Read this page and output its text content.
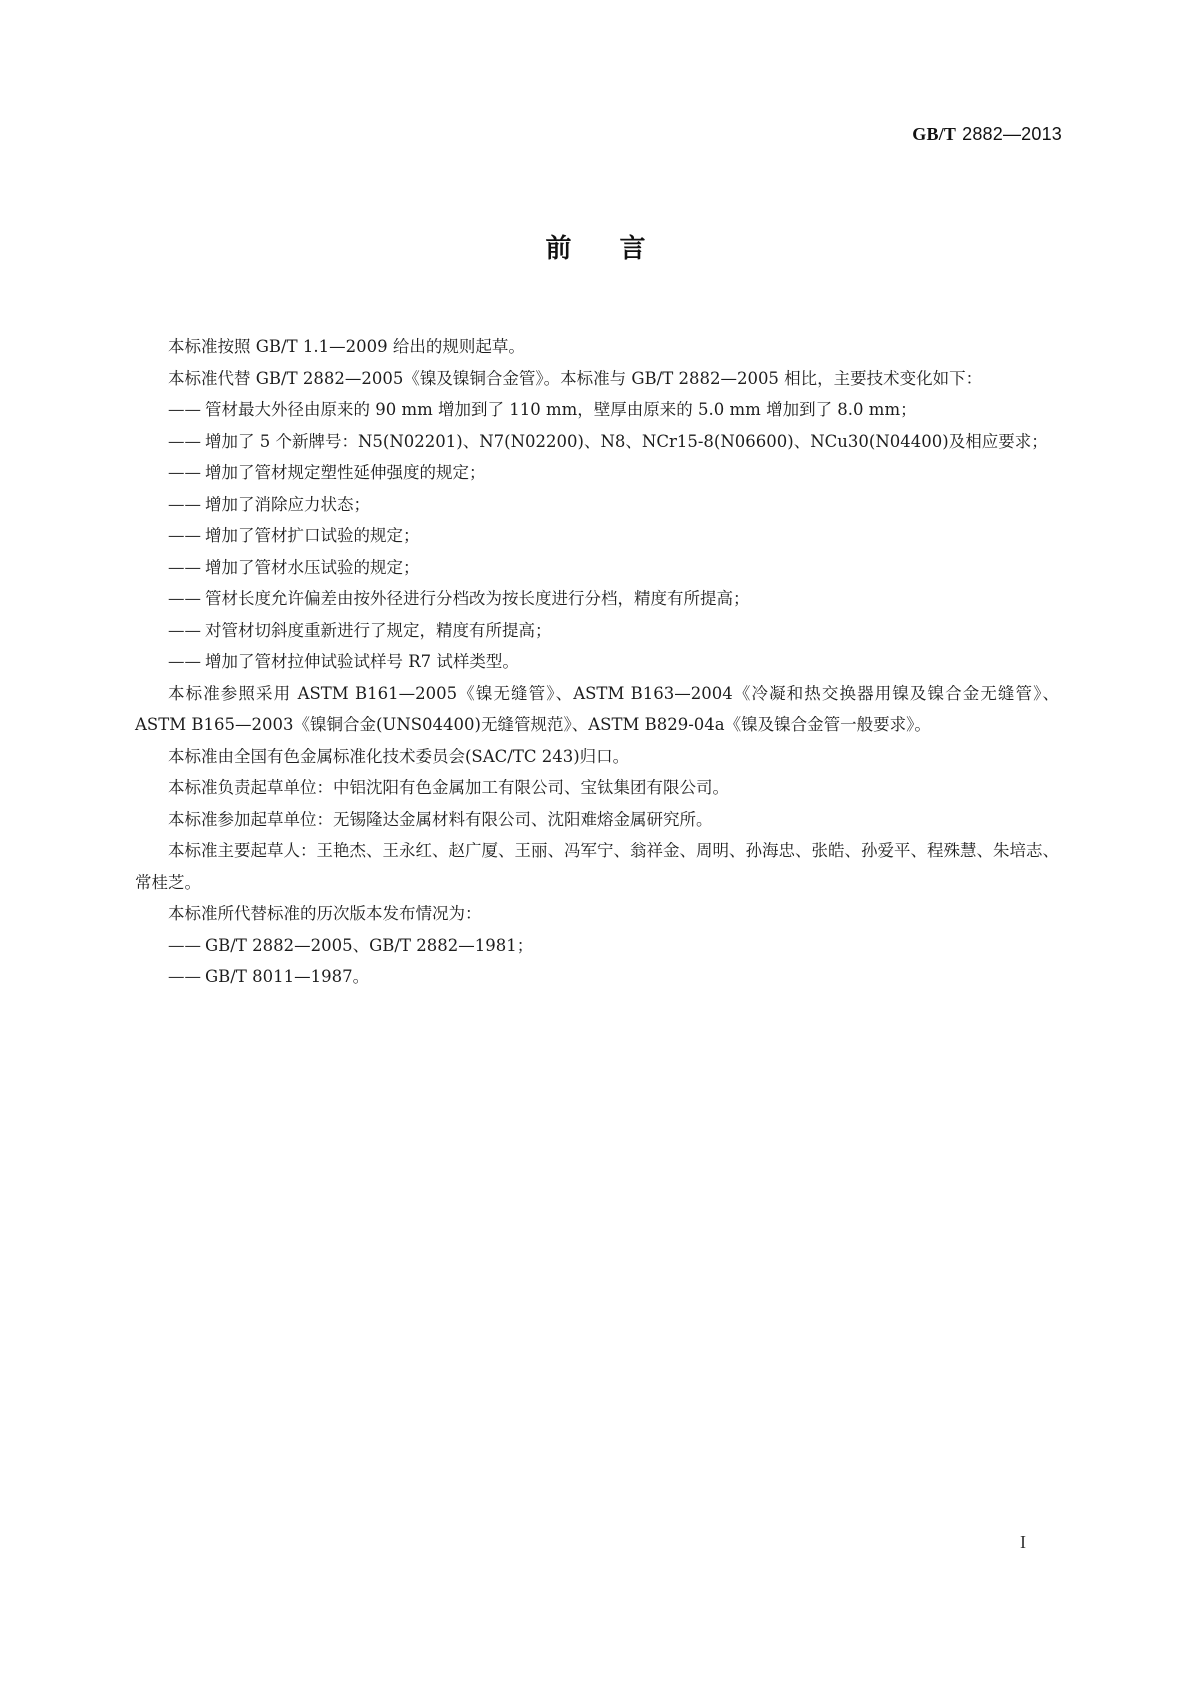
GB/T 2882—2013
前言

本标准按照 GB/T 1.1—2009 给出的规则起草。

本标准代替 GB/T 2882—2005《镍及镍铜合金管》。本标准与 GB/T 2882—2005 相比，主要技术变化如下：

—— 管材最大外径由原来的 90 mm 增加到了 110 mm，壁厚由原来的 5.0 mm 增加到了 8.0 mm；

—— 增加了 5 个新牌号：N5(N02201)、N7(N02200)、N8、NCr15-8(N06600)、NCu30(N04400)及相应要求；

—— 增加了管材规定塑性延伸强度的规定；

—— 增加了消除应力状态；

—— 增加了管材扩口试验的规定；

—— 增加了管材水压试验的规定；

—— 管材长度允许偏差由按外径进行分档改为按长度进行分档，精度有所提高；

—— 对管材切斜度重新进行了规定，精度有所提高；

—— 增加了管材拉伸试验试样号 R7 试样类型。

本标准参照采用 ASTM B161—2005《镍无缝管》、ASTM B163—2004《冷凝和热交换器用镍及镍合金无缝管》、ASTM B165—2003《镍铜合金(UNS04400)无缝管规范》、ASTM B829-04a《镍及镍合金管一般要求》。

本标准由全国有色金属标准化技术委员会(SAC/TC 243)归口。

本标准负责起草单位：中铝沈阳有色金属加工有限公司、宝钛集团有限公司。

本标准参加起草单位：无锡隆达金属材料有限公司、沈阳难熔金属研究所。

本标准主要起草人：王艳杰、王永红、赵广厦、王丽、冯军宁、翁祥金、周明、孙海忠、张皓、孙爱平、程殊慧、朱培志、常桂芝。

本标准所代替标准的历次版本发布情况为：

—— GB/T 2882—2005、GB/T 2882—1981；

—— GB/T 8011—1987。

I
